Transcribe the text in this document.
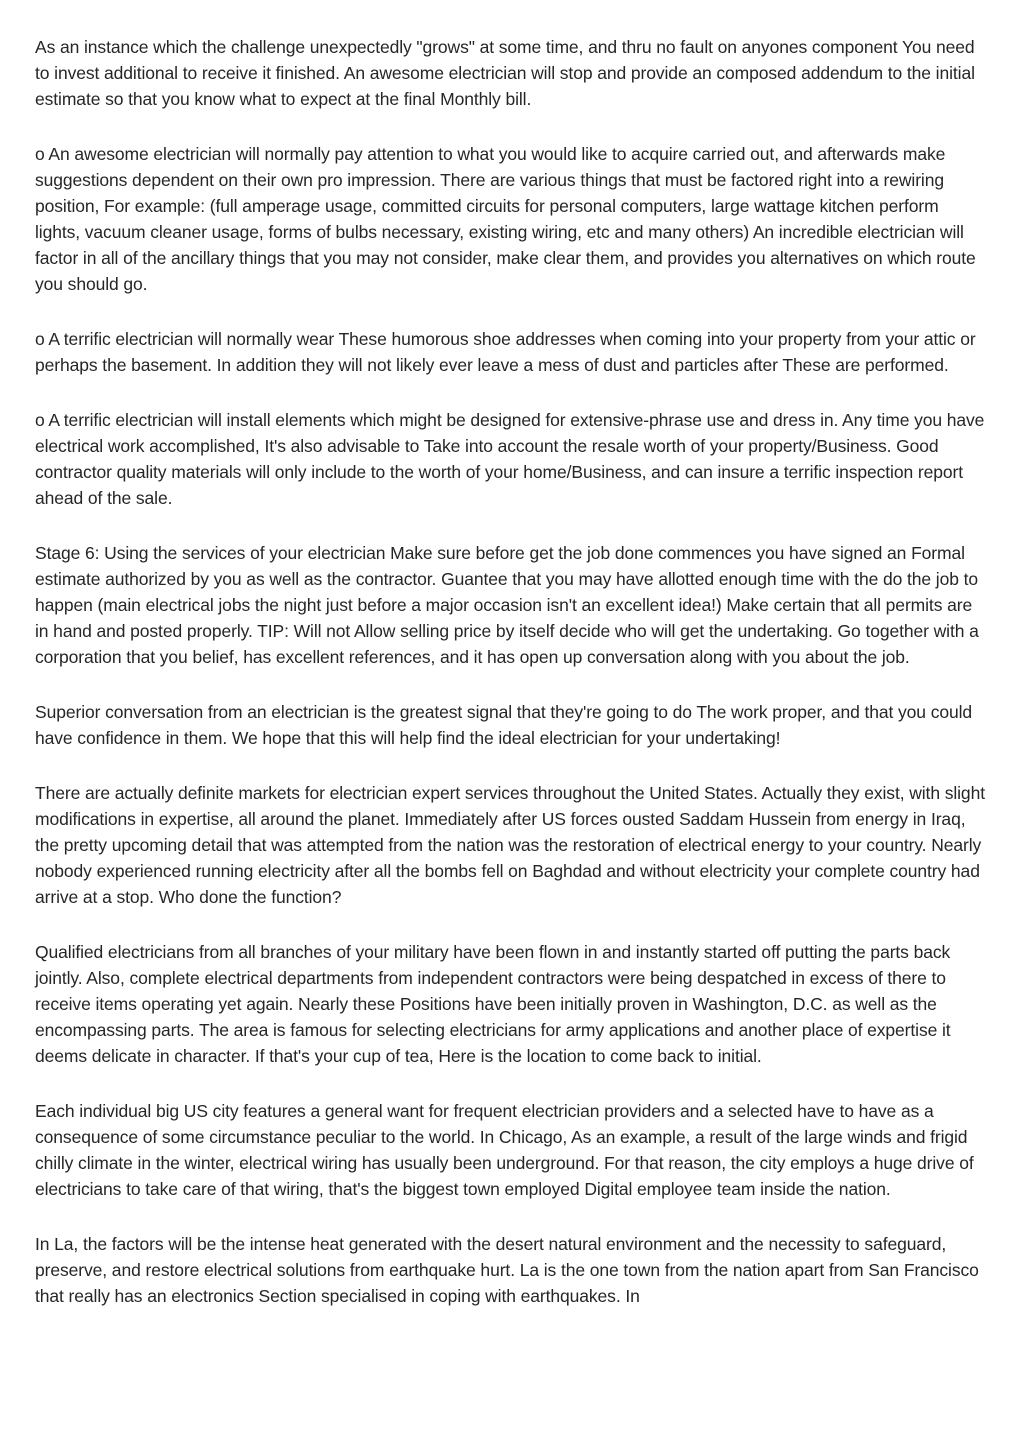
As an instance which the challenge unexpectedly "grows" at some time, and thru no fault on anyones component You need to invest additional to receive it finished. An awesome electrician will stop and provide an composed addendum to the initial estimate so that you know what to expect at the final Monthly bill.

o An awesome electrician will normally pay attention to what you would like to acquire carried out, and afterwards make suggestions dependent on their own pro impression. There are various things that must be factored right into a rewiring position, For example: (full amperage usage, committed circuits for personal computers, large wattage kitchen perform lights, vacuum cleaner usage, forms of bulbs necessary, existing wiring, etc and many others) An incredible electrician will factor in all of the ancillary things that you may not consider, make clear them, and provides you alternatives on which route you should go.

o A terrific electrician will normally wear These humorous shoe addresses when coming into your property from your attic or perhaps the basement. In addition they will not likely ever leave a mess of dust and particles after These are performed.

o A terrific electrician will install elements which might be designed for extensive-phrase use and dress in. Any time you have electrical work accomplished, It's also advisable to Take into account the resale worth of your property/Business. Good contractor quality materials will only include to the worth of your home/Business, and can insure a terrific inspection report ahead of the sale.

Stage 6: Using the services of your electrician Make sure before get the job done commences you have signed an Formal estimate authorized by you as well as the contractor. Guantee that you may have allotted enough time with the do the job to happen (main electrical jobs the night just before a major occasion isn't an excellent idea!) Make certain that all permits are in hand and posted properly. TIP: Will not Allow selling price by itself decide who will get the undertaking. Go together with a corporation that you belief, has excellent references, and it has open up conversation along with you about the job.

Superior conversation from an electrician is the greatest signal that they're going to do The work proper, and that you could have confidence in them. We hope that this will help find the ideal electrician for your undertaking!

There are actually definite markets for electrician expert services throughout the United States. Actually they exist, with slight modifications in expertise, all around the planet. Immediately after US forces ousted Saddam Hussein from energy in Iraq, the pretty upcoming detail that was attempted from the nation was the restoration of electrical energy to your country. Nearly nobody experienced running electricity after all the bombs fell on Baghdad and without electricity your complete country had arrive at a stop. Who done the function?

Qualified electricians from all branches of your military have been flown in and instantly started off putting the parts back jointly. Also, complete electrical departments from independent contractors were being despatched in excess of there to receive items operating yet again. Nearly these Positions have been initially proven in Washington, D.C. as well as the encompassing parts. The area is famous for selecting electricians for army applications and another place of expertise it deems delicate in character. If that's your cup of tea, Here is the location to come back to initial.

Each individual big US city features a general want for frequent electrician providers and a selected have to have as a consequence of some circumstance peculiar to the world. In Chicago, As an example, a result of the large winds and frigid chilly climate in the winter, electrical wiring has usually been underground. For that reason, the city employs a huge drive of electricians to take care of that wiring, that's the biggest town employed Digital employee team inside the nation.

In La, the factors will be the intense heat generated with the desert natural environment and the necessity to safeguard, preserve, and restore electrical solutions from earthquake hurt. La is the one town from the nation apart from San Francisco that really has an electronics Section specialised in coping with earthquakes. In
